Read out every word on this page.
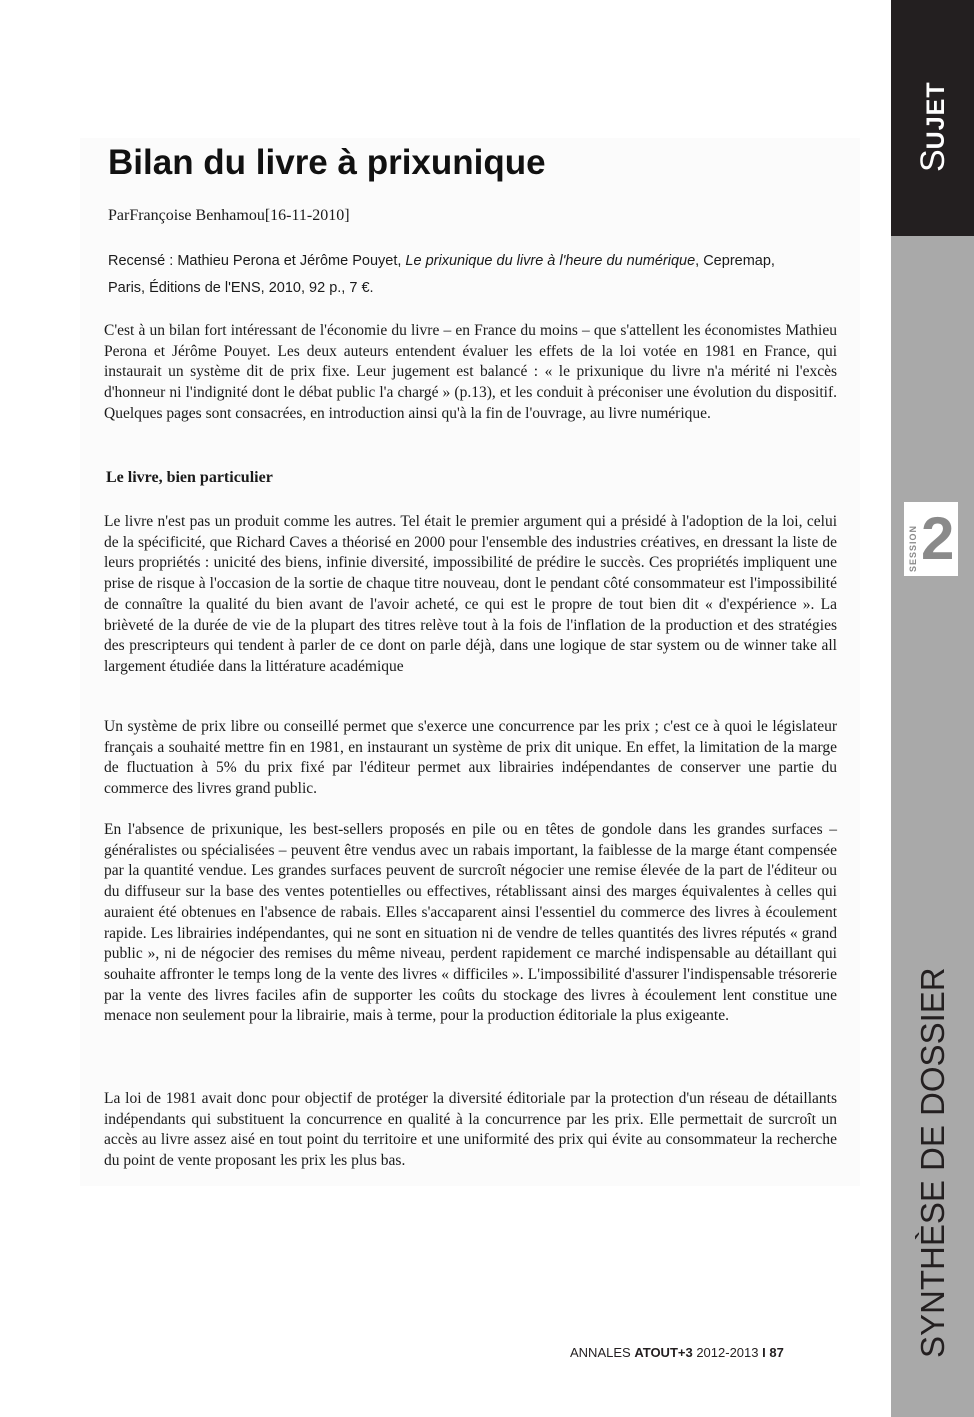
Bilan du livre à prixunique
ParFrançoise Benhamou[16-11-2010]
Recensé : Mathieu Perona et Jérôme Pouyet, Le prixunique du livre à l'heure du numérique, Cepremap, Paris, Éditions de l'ENS, 2010, 92 p., 7 €.

C'est à un bilan fort intéressant de l'économie du livre – en France du moins – que s'attellent les économistes Mathieu Perona et Jérôme Pouyet. Les deux auteurs entendent évaluer les effets de la loi votée en 1981 en France, qui instaurait un système dit de prix fixe. Leur jugement est balancé : « le prixunique du livre n'a mérité ni l'excès d'honneur ni l'indignité dont le débat public l'a chargé » (p.13), et les conduit à préconiser une évolution du dispositif. Quelques pages sont consacrées, en introduction ainsi qu'à la fin de l'ouvrage, au livre numérique.

Le livre, bien particulier

Le livre n'est pas un produit comme les autres. Tel était le premier argument qui a présidé à l'adoption de la loi, celui de la spécificité, que Richard Caves a théorisé en 2000 pour l'ensemble des industries créatives, en dressant la liste de leurs propriétés : unicité des biens, infinie diversité, impossibilité de prédire le succès. Ces propriétés impliquent une prise de risque à l'occasion de la sortie de chaque titre nouveau, dont le pendant côté consommateur est l'impossibilité de connaître la qualité du bien avant de l'avoir acheté, ce qui est le propre de tout bien dit « d'expérience ». La brièveté de la durée de vie de la plupart des titres relève tout à la fois de l'inflation de la production et des stratégies des prescripteurs qui tendent à parler de ce dont on parle déjà, dans une logique de star system ou de winner take all largement étudiée dans la littérature académique

Un système de prix libre ou conseillé permet que s'exerce une concurrence par les prix ; c'est ce à quoi le législateur français a souhaité mettre fin en 1981, en instaurant un système de prix dit unique. En effet, la limitation de la marge de fluctuation à 5% du prix fixé par l'éditeur permet aux librairies indépendantes de conserver une partie du commerce des livres grand public.

En l'absence de prixunique, les best-sellers proposés en pile ou en têtes de gondole dans les grandes surfaces – généralistes ou spécialisées – peuvent être vendus avec un rabais important, la faiblesse de la marge étant compensée par la quantité vendue. Les grandes surfaces peuvent de surcroît négocier une remise élevée de la part de l'éditeur ou du diffuseur sur la base des ventes potentielles ou effectives, rétablissant ainsi des marges équivalentes à celles qui auraient été obtenues en l'absence de rabais. Elles s'accaparent ainsi l'essentiel du commerce des livres à écoulement rapide. Les librairies indépendantes, qui ne sont en situation ni de vendre de telles quantités des livres réputés « grand public », ni de négocier des remises du même niveau, perdent rapidement ce marché indispensable au détaillant qui souhaite affronter le temps long de la vente des livres « difficiles ». L'impossibilité d'assurer l'indispensable trésorerie par la vente des livres faciles afin de supporter les coûts du stockage des livres à écoulement lent constitue une menace non seulement pour la librairie, mais à terme, pour la production éditoriale la plus exigeante.

La loi de 1981 avait donc pour objectif de protéger la diversité éditoriale par la protection d'un réseau de détaillants indépendants qui substituent la concurrence en qualité à la concurrence par les prix. Elle permettait de surcroît un accès au livre assez aisé en tout point du territoire et une uniformité des prix qui évite au consommateur la recherche du point de vente proposant les prix les plus bas.

SUJET
SESSION 2
SYNTHÈSE DE DOSSIER
ANNALES ATOUT+3 2012-2013 I 87
